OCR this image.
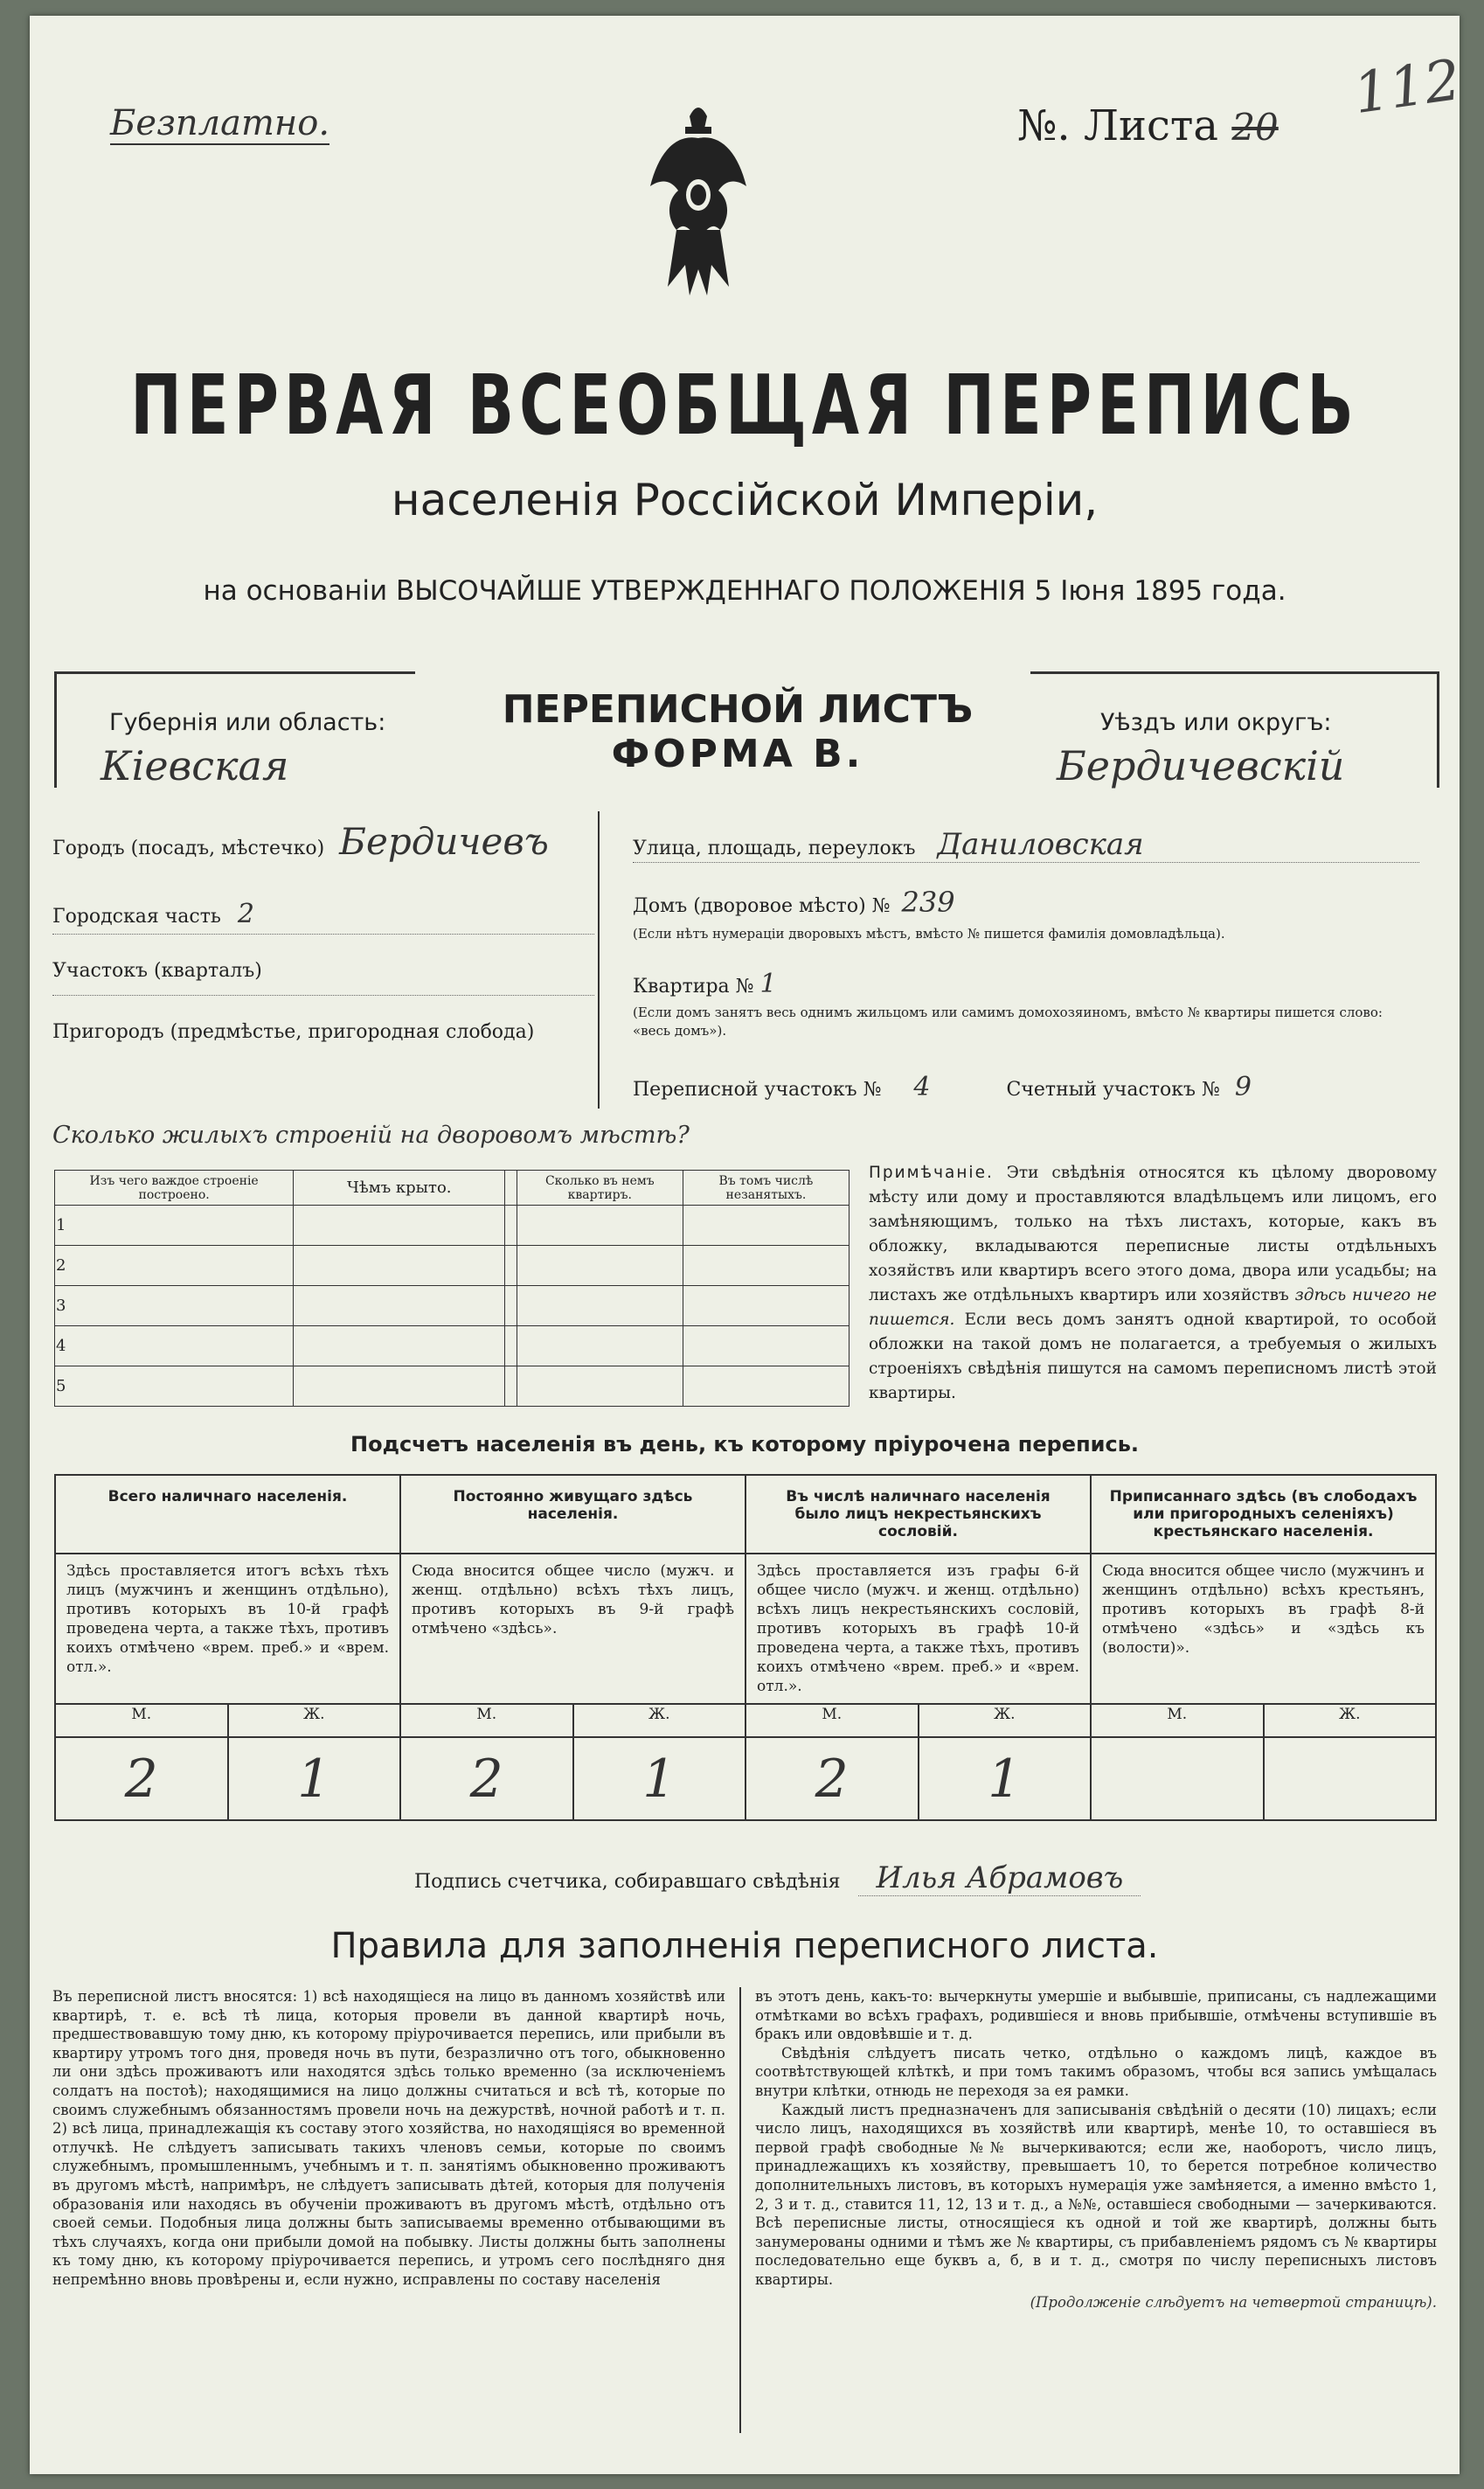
Безплатно.	№. Листа 20
112
ПЕРВАЯ ВСЕОБЩАЯ ПЕРЕПИСЬ
населенія Россійской Имперіи,
на основаніи ВЫСОЧАЙШЕ УТВЕРЖДЕННАГО ПОЛОЖЕНІЯ 5 Іюня 1895 года.
Губернія или область:
Кіевская
ПЕРЕПИСНОЙ ЛИСТЪ
ФОРМА В.
Уѣздъ или округъ:
Бердичевскій
Городъ (посадъ, мѣстечко) Бердичевъ
Городская часть 2
Участокъ (кварталъ)
Пригородъ (предмѣстье, пригородная слобода)
Улица, площадь, переулокъ Даниловская
Домъ (дворовое мѣсто) № 239
(Если нѣтъ нумераціи дворовыхъ мѣстъ, вмѣсто № пишется фамилія домовладѣльца).
Квартира № 1
(Если домъ занятъ весь однимъ жильцомъ или самимъ домохозяиномъ, вмѣсто № квартиры пишется слово: «весь домъ»).
Переписной участокъ № 4	Счетный участокъ № 9
Сколько жилыхъ строеній на дворовомъ мѣстѣ?
Изъ чего важдое строеніе построено.	Чѣмъ крыто.		Сколько въ немъ квартиръ.	Въ томъ числѣ незанятыхъ.
1				
2				
3				
4				
5				
Примѣчаніе. Эти свѣдѣнія относятся къ цѣлому дворовому мѣсту или дому и проставляются владѣльцемъ или лицомъ, его замѣняющимъ, только на тѣхъ листахъ, которые, какъ въ обложку, вкладываются переписные листы отдѣльныхъ хозяйствъ или квартиръ всего этого дома, двора или усадьбы; на листахъ же отдѣльныхъ квартиръ или хозяйствъ здѣсь ничего не пишется. Если весь домъ занятъ одной квартирой, то особой обложки на такой домъ не полагается, а требуемыя о жилыхъ строеніяхъ свѣдѣнія пишутся на самомъ переписномъ листѣ этой квартиры.
Подсчетъ населенія въ день, къ которому пріурочена перепись.
Всего наличнаго населенія.		Постоянно живущаго здѣсь населенія.		Въ числѣ наличнаго населенія было лицъ некрестьянскихъ сословій.		Приписаннаго здѣсь (въ слободахъ или пригородныхъ селеніяхъ) крестьянскаго населенія.	
Здѣсь проставляется итогъ всѣхъ тѣхъ лицъ (мужчинъ и женщинъ отдѣльно), противъ которыхъ въ 10-й графѣ проведена черта, а также тѣхъ, противъ коихъ отмѣчено «врем. преб.» и «врем. отл.».		Сюда вносится общее число (мужч. и женщ. отдѣльно) всѣхъ тѣхъ лицъ, противъ которыхъ въ 9-й графѣ отмѣчено «здѣсь».		Здѣсь проставляется изъ графы 6-й общее число (мужч. и женщ. отдѣльно) всѣхъ лицъ некрестьянскихъ сословій, противъ которыхъ въ графѣ 10-й проведена черта, а также тѣхъ, противъ коихъ отмѣчено «врем. преб.» и «врем. отл.».		Сюда вносится общее число (мужчинъ и женщинъ отдѣльно) всѣхъ крестьянъ, противъ которыхъ въ графѣ 8-й отмѣчено «здѣсь» и «здѣсь къ (волости)».	
М.	Ж.	М.	Ж.	М.	Ж.	М.	Ж.
2	1	2	1	2	1		
Подпись счетчика, собиравшаго свѣдѣнія Илья Абрамовъ
Правила для заполненія переписного листа.
Въ переписной листъ вносятся: 1) всѣ находящіеся на лицо въ данномъ хозяйствѣ или квартирѣ, т. е. всѣ тѣ лица, которыя провели въ данной квартирѣ ночь, предшествовавшую тому дню, къ которому пріурочивается перепись, или прибыли въ квартиру утромъ того дня, проведя ночь въ пути, безразлично отъ того, обыкновенно ли они здѣсь проживаютъ или находятся здѣсь только временно (за исключеніемъ солдатъ на постоѣ); находящимися на лицо должны считаться и всѣ тѣ, которые по своимъ служебнымъ обязанностямъ провели ночь на дежурствѣ, ночной работѣ и т. п. 2) всѣ лица, принадлежащія къ составу этого хозяйства, но находящіяся во временной отлучкѣ. Не слѣдуетъ записывать такихъ членовъ семьи, которые по своимъ служебнымъ, промышленнымъ, учебнымъ и т. п. занятіямъ обыкновенно проживаютъ въ другомъ мѣстѣ, напримѣръ, не слѣдуетъ записывать дѣтей, которыя для полученія образованія или находясь въ обученіи проживаютъ въ другомъ мѣстѣ, отдѣльно отъ своей семьи. Подобныя лица должны быть записываемы временно отбывающими въ тѣхъ случаяхъ, когда они прибыли домой на побывку. Листы должны быть заполнены къ тому дню, къ которому пріурочивается перепись, и утромъ сего послѣдняго дня непремѣнно вновь провѣрены и, если нужно, исправлены по составу населенія
въ этотъ день, какъ-то: вычеркнуты умершіе и выбывшіе, приписаны, съ надлежащими отмѣтками во всѣхъ графахъ, родившіеся и вновь прибывшіе, отмѣчены вступившіе въ бракъ или овдовѣвшіе и т. д.
Свѣдѣнія слѣдуетъ писать четко, отдѣльно о каждомъ лицѣ, каждое въ соотвѣтствующей клѣткѣ, и при томъ такимъ образомъ, чтобы вся запись умѣщалась внутри клѣтки, отнюдь не переходя за ея рамки.
Каждый листъ предназначенъ для записыванія свѣдѣній о десяти (10) лицахъ; если число лицъ, находящихся въ хозяйствѣ или квартирѣ, менѣе 10, то оставшіеся въ первой графѣ свободные №№ вычеркиваются; если же, наоборотъ, число лицъ, принадлежащихъ къ хозяйству, превышаетъ 10, то берется потребное количество дополнительныхъ листовъ, въ которыхъ нумерація уже замѣняется, а именно вмѣсто 1, 2, 3 и т. д., ставится 11, 12, 13 и т. д., а №№, оставшіеся свободными — зачеркиваются. Всѣ переписные листы, относящіеся къ одной и той же квартирѣ, должны быть занумерованы одними и тѣмъ же № квартиры, съ прибавленіемъ рядомъ съ № квартиры последовательно еще буквъ а, б, в и т. д., смотря по числу переписныхъ листовъ квартиры.
(Продолженіе слѣдуетъ на четвертой страницѣ).
